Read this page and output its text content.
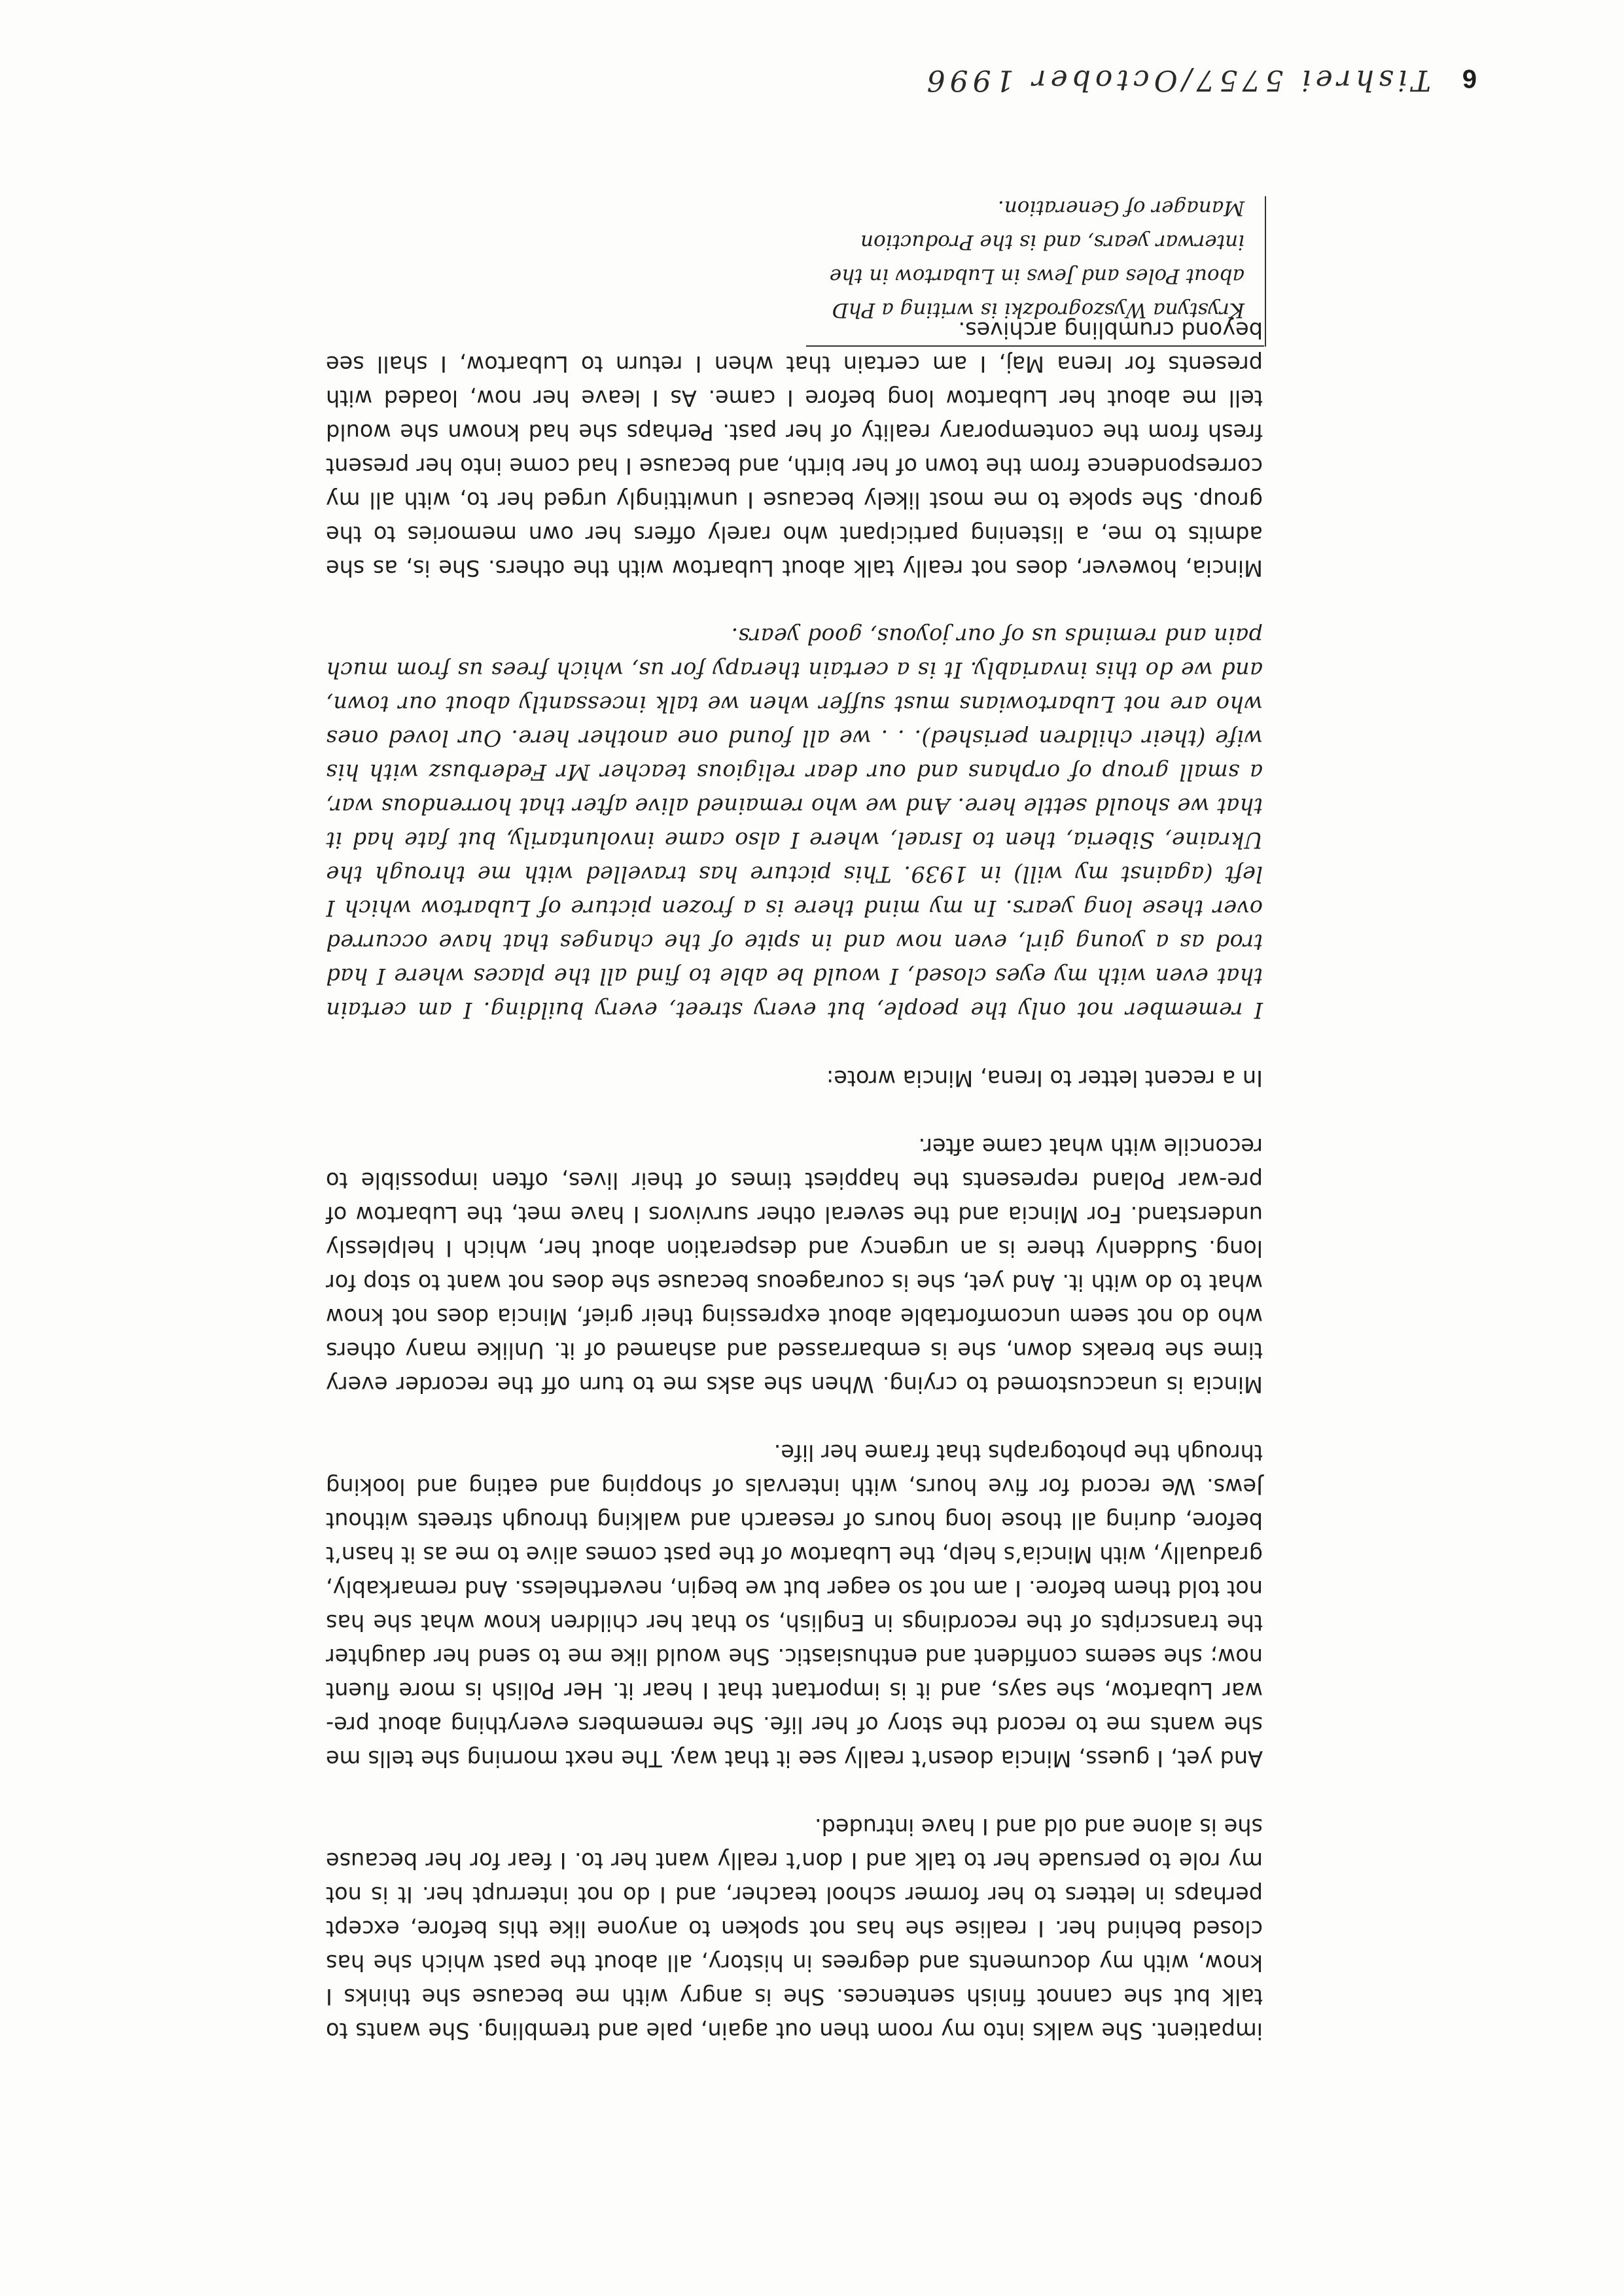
6
Tishrei 5757/October 1996

impatient. She walks into my room then out again, pale and trembling. She wants to talk but she cannot finish sentences. She is angry with me because she thinks I know, with my documents and degrees in history, all about the past which she has closed behind her. I realise she has not spoken to anyone like this before, except perhaps in letters to her former school teacher, and I do not interrupt her. It is not my role to persuade her to talk and I don’t really want her to. I fear for her because she is alone and old and I have intruded.

And yet, I guess, Mincia doesn’t really see it that way. The next morning she tells me she wants me to record the story of her life. She remembers everything about pre-war Lubartow, she says, and it is important that I hear it. Her Polish is more fluent now; she seems confident and enthusiastic. She would like me to send her daughter the transcripts of the recordings in English, so that her children know what she has not told them before. I am not so eager but we begin, nevertheless. And remarkably, gradually, with Mincia’s help, the Lubartow of the past comes alive to me as it hasn’t before, during all those long hours of research and walking through streets without Jews. We record for five hours, with intervals of shopping and eating and looking through the photographs that frame her life.

Mincia is unaccustomed to crying. When she asks me to turn off the recorder every time she breaks down, she is embarrassed and ashamed of it. Unlike many others who do not seem uncomfortable about expressing their grief, Mincia does not know what to do with it. And yet, she is courageous because she does not want to stop for long. Suddenly there is an urgency and desperation about her, which I helplessly understand. For Mincia and the several other survivors I have met, the Lubartow of pre-war Poland represents the happiest times of their lives, often impossible to reconcile with what came after.

In a recent letter to Irena, Mincia wrote:

I remember not only the people, but every street, every building. I am certain that even with my eyes closed, I would be able to find all the places where I had trod as a young girl, even now and in spite of the changes that have occurred over these long years. In my mind there is a frozen picture of Lubartow which I left (against my will) in 1939. This picture has travelled with me through the Ukraine, Siberia, then to Israel, where I also came involuntarily, but fate had it that we should settle here. And we who remained alive after that horrendous war, a small group of orphans and our dear religious teacher Mr Federbusz with his wife (their children perished). . . we all found one another here. Our loved ones who are not Lubartowians must suffer when we talk incessantly about our town, and we do this invariably. It is a certain therapy for us, which frees us from much pain and reminds us of our joyous, good years.

Mincia, however, does not really talk about Lubartow with the others. She is, as she admits to me, a listening participant who rarely offers her own memories to the group. She spoke to me most likely because I unwittingly urged her to, with all my correspondence from the town of her birth, and because I had come into her present fresh from the contemporary reality of her past. Perhaps she had known she would tell me about her Lubartow long before I came. As I leave her now, loaded with presents for Irena Maj, I am certain that when I return to Lubartow, I shall see beyond crumbling archives.

Krystyna Wyszogrodzki is writing a PhD about Poles and Jews in Lubartow in the interwar years, and is the Production Manager of Generation.
